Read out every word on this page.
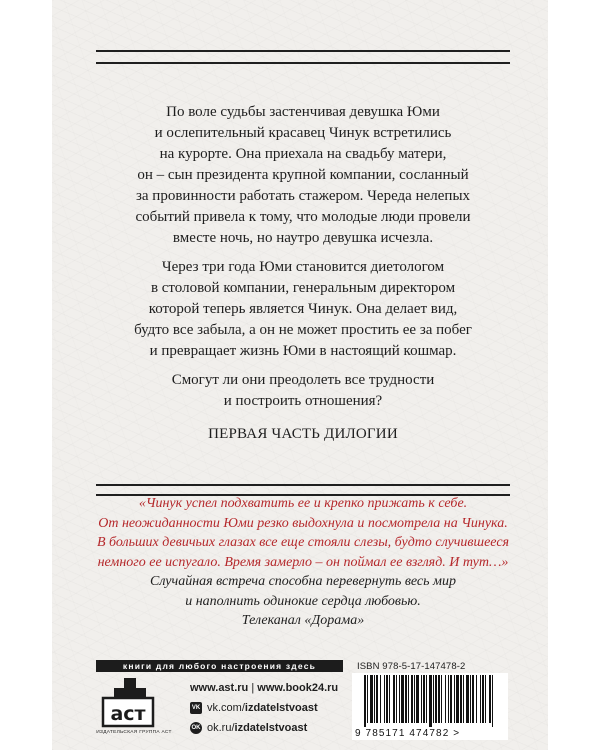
По воле судьбы застенчивая девушка Юми
и ослепительный красавец Чинук встретились
на курорте. Она приехала на свадьбу матери,
он – сын президента крупной компании, сосланный
за провинности работать стажером. Череда нелепых
событий привела к тому, что молодые люди провели
вместе ночь, но наутро девушка исчезла.

Через три года Юми становится диетологом
в столовой компании, генеральным директором
которой теперь является Чинук. Она делает вид,
будто все забыла, а он не может простить ее за побег
и превращает жизнь Юми в настоящий кошмар.

Смогут ли они преодолеть все трудности
и построить отношения?

ПЕРВАЯ ЧАСТЬ ДИЛОГИИ

«Чинук успел подхватить ее и крепко прижать к себе.
От неожиданности Юми резко выдохнула и посмотрела на Чинука.
В больших девичьих глазах все еще стояли слезы, будто случившееся
немного ее испугало. Время замерло – он поймал ее взгляд. И тут…»
Случайная встреча способна перевернуть весь мир
и наполнить одинокие сердца любовью.
Телеканал «Дорама»
книги для любого настроения здесь
аст
ИЗДАТЕЛЬСКАЯ ГРУППА АСТ
www.ast.ru | www.book24.ru
VK vk.com/ izdatelstvoast
OK ok.ru/ izdatelstvoast
ISBN 978-5-17-147478-2
9 785171 474782 >
